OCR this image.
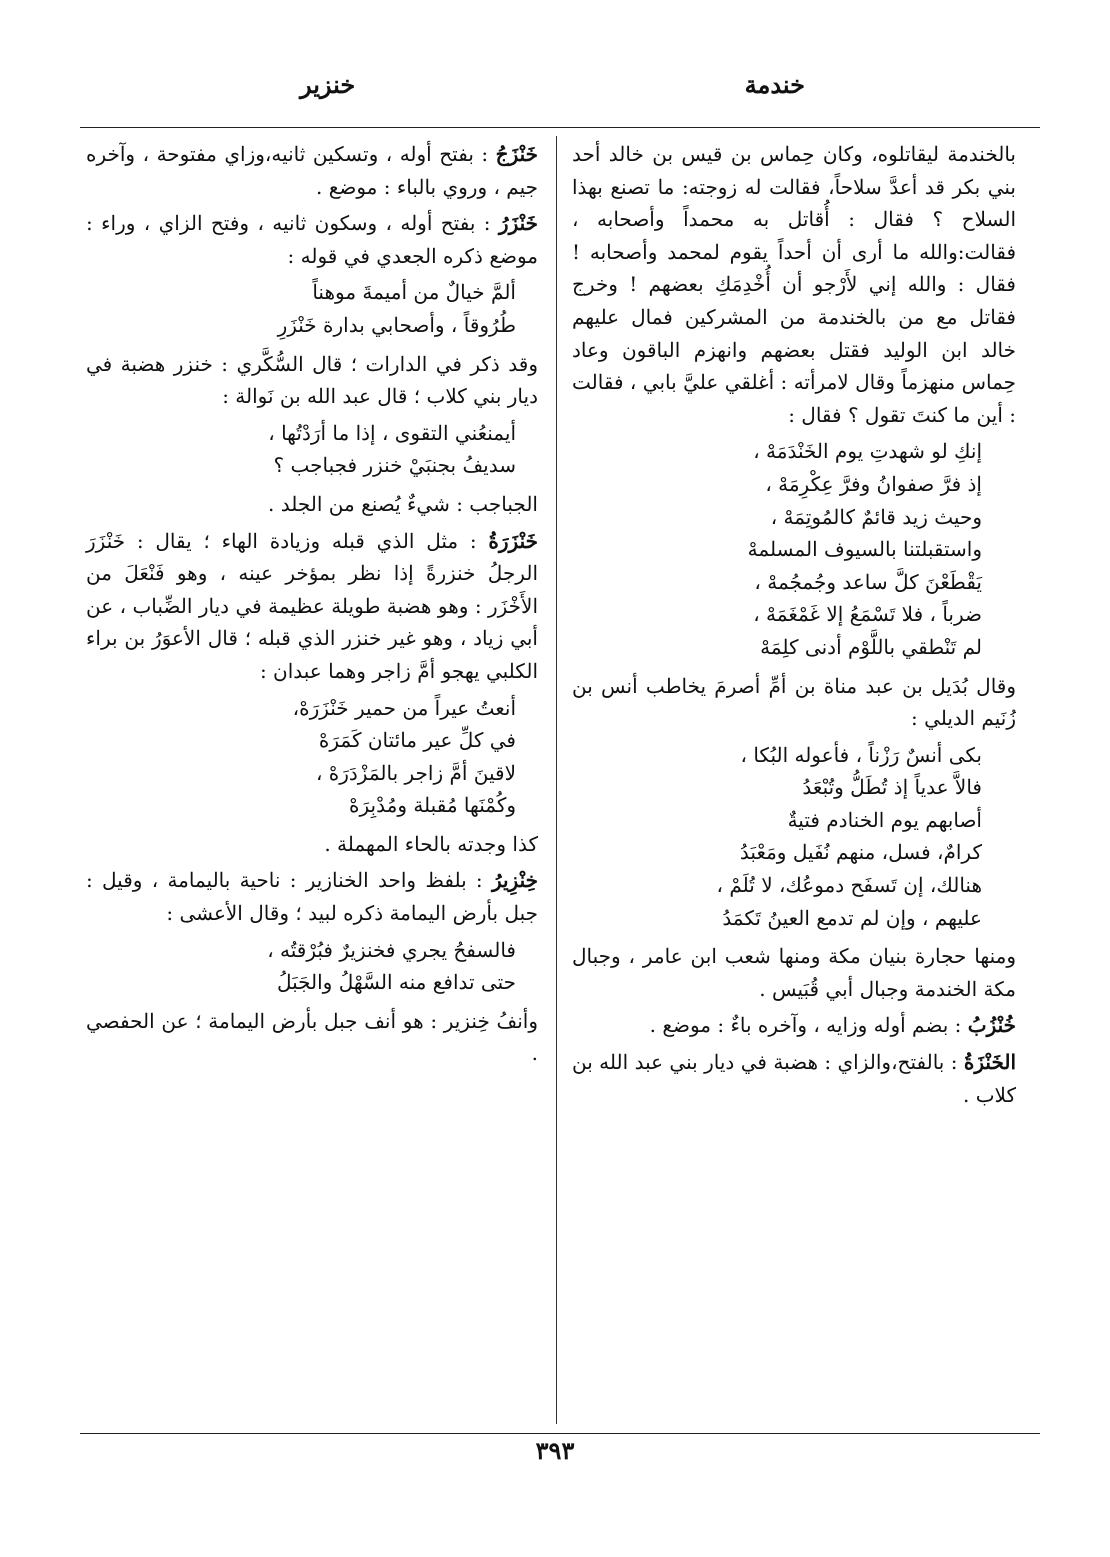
خندمة
خنزير

بالخندمة ليقاتلوه، وكان حِماس بن قيس بن خالد أحد بني بكر قد أعدَّ سلاحاً، فقالت له زوجته: ما تصنع بهذا السلاح ؟ فقال : أُقاتل به محمداً وأصحابه ، فقالت:والله ما أرى أن أحداً يقوم لمحمد وأصحابه ! فقال : والله إني لأَرْجو أن أُخْدِمَكِ بعضهم ! وخرج فقاتل مع من بالخندمة من المشركين فمال عليهم خالد ابن الوليد فقتل بعضهم وانهزم الباقون وعاد حِماس منهزماً وقال لامرأته : أغلقي عليَّ بابي ، فقالت : أين ما كنتَ تقول ؟ فقال :

إنكِ لو شهدتِ يوم الخَنْدَمَهْ ،
إذ فرَّ صفوانُ وفرَّ عِكْرِمَهْ ،
وحيث زيد قائمٌ كالمُوتِمَهْ ،
واستقبلتنا بالسيوف المسلمهْ
يَقْطَعْنَ كلَّ ساعد وجُمجُمهْ ،
ضرباً ، فلا تَسْمَعُ إلا غَمْغَمَهْ ،
لم تَنْطقي باللَّوْم أدنى كلِمَهْ

وقال بُدَيل بن عبد مناة بن أمِّ أصرمَ يخاطب أنس بن زُنَيم الديلي :

بكى أنسٌ رَزْناً ، فأعوله البُكا ،
فالاَّ عدياً إذ تُطَلُّ وتُبْعَدُ
أصابهم يوم الخنادم فتيةٌ
كرامٌ، فسل، منهم نُفَيل ومَعْبَدُ
هنالك، إن تَسفَح دموعُك، لا تُلَمْ ،
عليهم ، وإن لم تدمع العينُ تَكمَدُ

ومنها حجارة بنيان مكة ومنها شعب ابن عامر ، وجبال مكة الخندمة وجبال أبي قُبَيس .

خُنْزُبُ : بضم أوله وزايه ، وآخره باءٌ : موضع .

الخَنْزَةُ : بالفتح،والزاي : هضبة في ديار بني عبد الله بن كلاب .

خَنْزَجُ : بفتح أوله ، وتسكين ثانيه،وزاي مفتوحة ، وآخره جيم ، وروي بالباء : موضع .

خَنْزَرُ : بفتح أوله ، وسكون ثانيه ، وفتح الزاي ، وراء : موضع ذكره الجعدي في قوله :

ألمَّ خيالٌ من أميمةَ موهناً
طُرُوقاً ، وأصحابي بدارة خَنْزَرِ

وقد ذكر في الدارات ؛ قال السُّكَّري : خنزر هضبة في ديار بني كلاب ؛ قال عبد الله بن نَوالة :

أيمنعُني التقوى ، إذا ما أرَدْتُها ،
سديفُ بجنبَيْ خنزر فجباجب ؟

الجباجب : شيءٌ يُصنع من الجلد .

خَنْزَرَةُ : مثل الذي قبله وزيادة الهاء ؛ يقال : خَنْزَرَ الرجلُ خنزرةً إذا نظر بمؤخر عينه ، وهو فَنْعَلَ من الأَخْزَر : وهو هضبة طويلة عظيمة في ديار الضِّباب ، عن أبي زياد ، وهو غير خنزر الذي قبله ؛ قال الأعوَرُ بن براء الكلبي يهجو أمَّ زاجر وهما عبدان :

أنعتُ عيراً من حمير خَنْزَرَهْ،
في كلِّ عير مائتان كَمَرَهْ
لاقينَ أمَّ زاجر بالمَزْدَرَهْ ،
وكُمْنَها مُقبلة ومُدْبِرَهْ

كذا وجدته بالحاء المهملة .

خِنْزِيرُ : بلفظ واحد الخنازير : ناحية باليمامة ، وقيل : جبل بأرض اليمامة ذكره لبيد ؛ وقال الأعشى :

فالسفحُ يجري فخنزيرٌ فبُرْقتُه ،
حتى تدافع منه السَّهْلُ والجَبَلُ

وأنفُ خِنزير : هو أنف جبل بأرض اليمامة ؛ عن الحفصي .

٣٩٣
